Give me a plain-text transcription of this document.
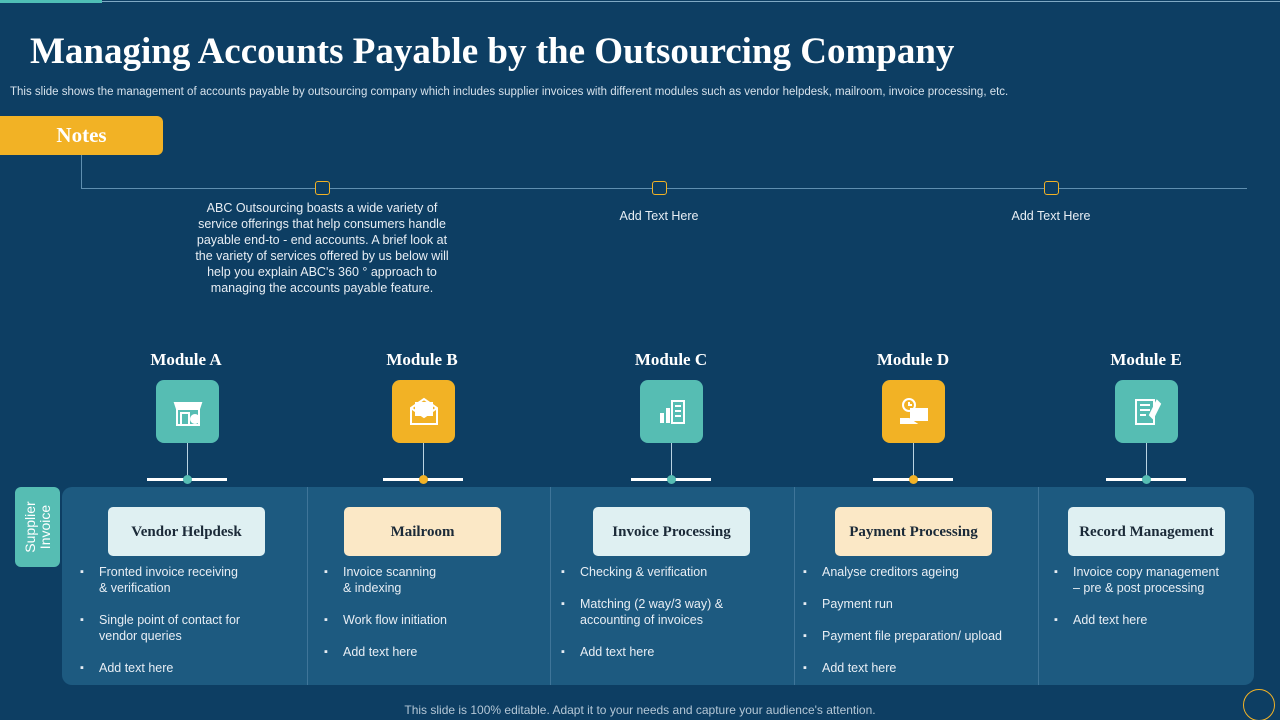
Managing Accounts Payable by the Outsourcing Company
This slide shows the management of accounts payable by outsourcing company which includes supplier invoices with different modules such as vendor helpdesk, mailroom, invoice processing, etc.
Notes
ABC Outsourcing boasts a wide variety of
service offerings that help consumers handle
payable end-to - end accounts. A brief look at
the variety of services offered by us below will
help you explain ABC's 360 ° approach to
managing the accounts payable feature.
Add Text Here	Add Text Here
Module A	Module B	Module C	Module D	Module E
Supplier Invoice	Vendor Helpdesk	Mailroom	Invoice Processing	Payment Processing	Record Management
▪ Fronted invoice receiving
& verification
▪ Single point of contact for
vendor queries
▪ Add text here
▪ Invoice scanning
& indexing
▪ Work flow initiation
▪ Add text here
▪ Checking & verification
▪ Matching (2 way/3 way) &
accounting of invoices
▪ Add text here
▪ Analyse creditors ageing
▪ Payment run
▪ Payment file preparation/ upload
▪ Add text here
▪ Invoice copy management
– pre & post processing
▪ Add text here
This slide is 100% editable. Adapt it to your needs and capture your audience's attention.
